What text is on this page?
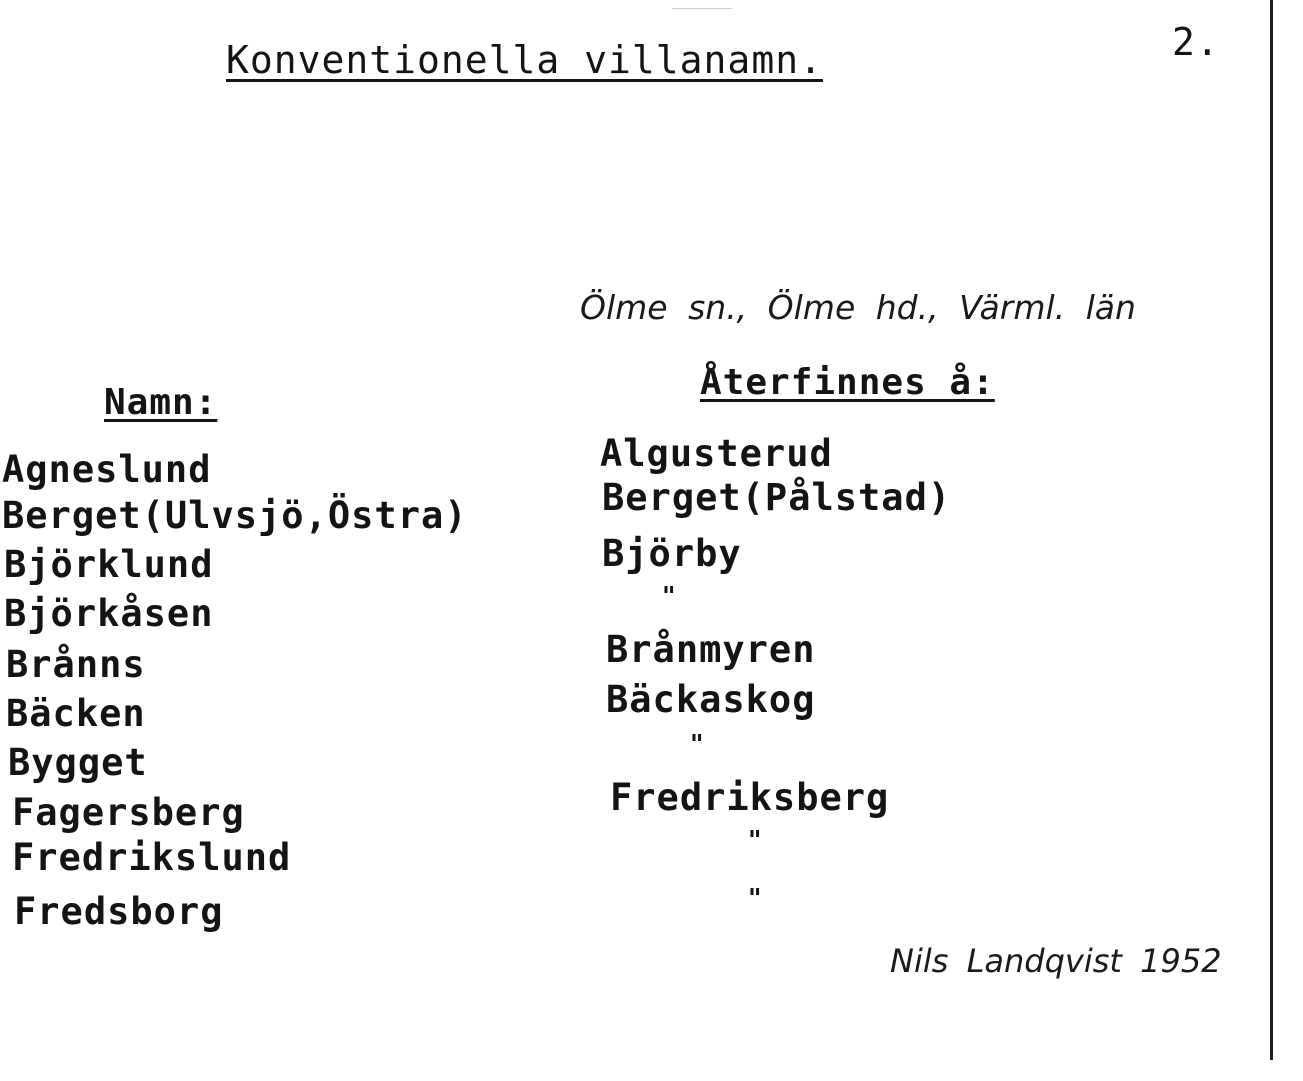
Konventionella villanamn.	2.
Ölme sn., Ölme hd., Värml. län
Namn:	Återfinnes å:
Agneslund
Berget(Ulvsjö,Östra)
Björklund
Björkåsen
Brånns
Bäcken
Bygget
Fagersberg
Fredrikslund
Fredsborg
Algusterud
Berget(Pålstad)
Björby
"
Brånmyren
Bäckaskog
"
Fredriksberg
"
"
Nils Landqvist 1952
